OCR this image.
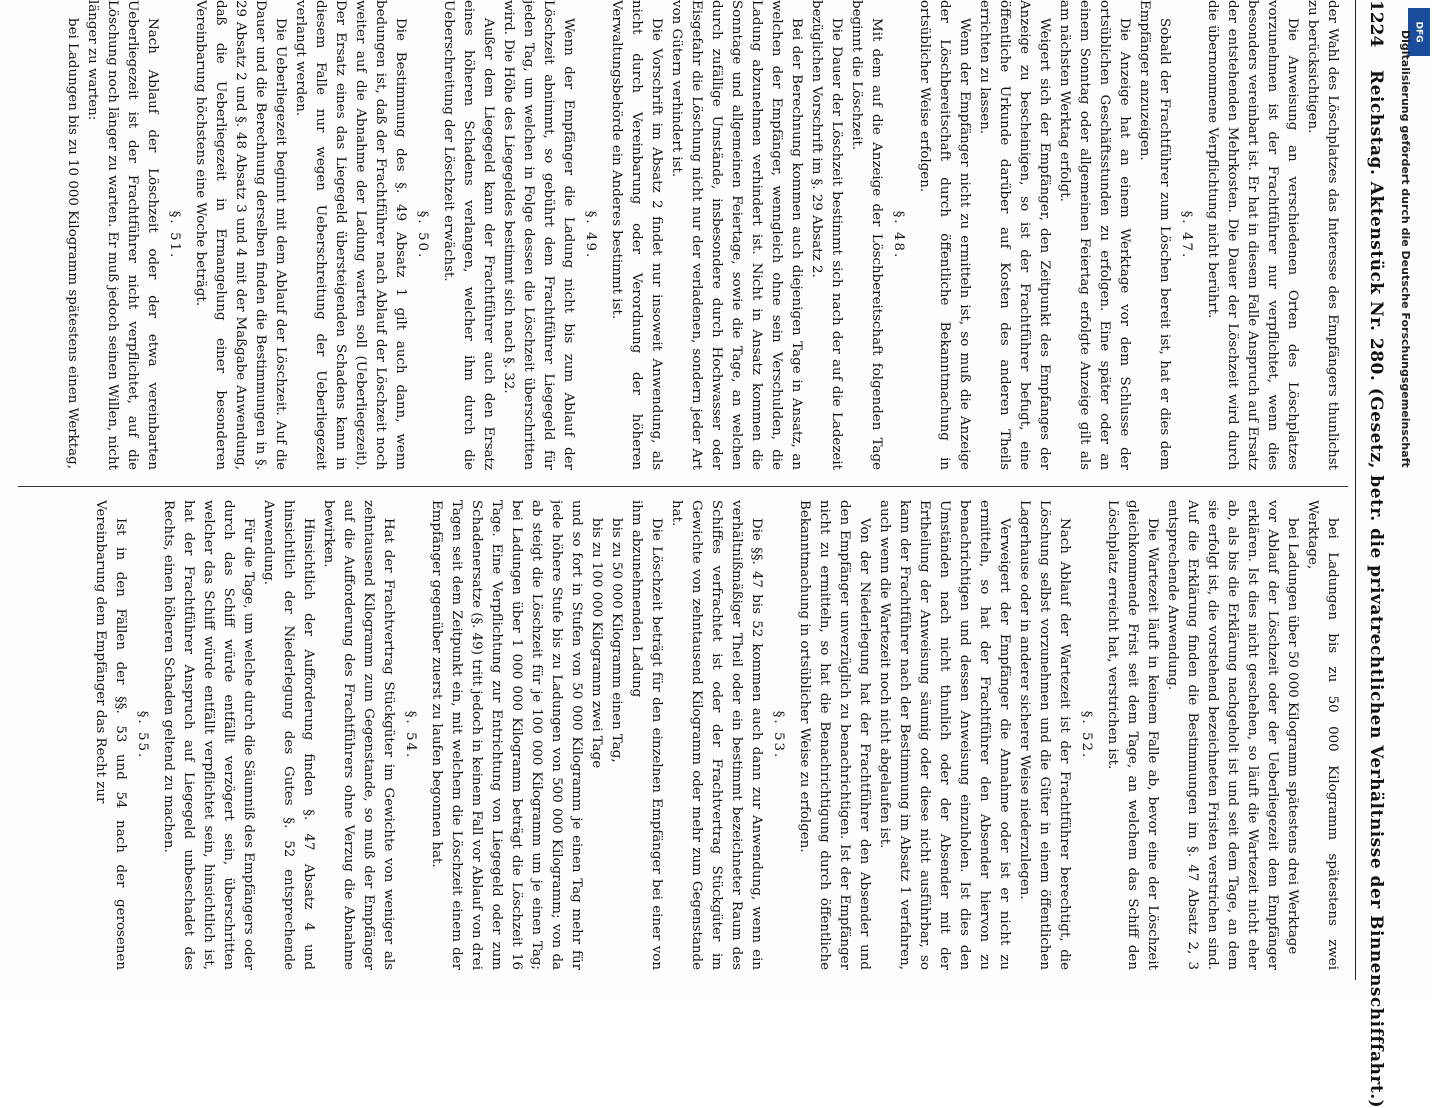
1224
Reichstag. Aktenstück Nr. 280. (Gesetz, betr. die privatrechtlichen Verhältnisse der Binnenschifffahrt.)

der Wahl des Löschplatzes das Interesse des Empfängers thunlichst zu berücksichtigen.

Die Anweisung an verschiedenen Orten des Löschplatzes vorzunehmen ist der Frachtführer nur verpflichtet, wenn dies besonders vereinbart ist. Er hat in diesem Falle Anspruch auf Ersatz der entstehenden Mehrkosten. Die Dauer der Löschzeit wird durch die übernommene Verpflichtung nicht berührt.

§. 47.

Sobald der Frachtführer zum Löschen bereit ist, hat er dies dem Empfänger anzuzeigen.

Die Anzeige hat an einem Werktage vor dem Schlusse der ortsüblichen Geschäftsstunden zu erfolgen. Eine später oder an einem Sonntag oder allgemeinen Feiertag erfolgte Anzeige gilt als am nächsten Werktag erfolgt.

Weigert sich der Empfänger, den Zeitpunkt des Empfanges der Anzeige zu bescheinigen, so ist der Frachtführer befugt, eine öffentliche Urkunde darüber auf Kosten des anderen Theils errichten zu lassen.

Wenn der Empfänger nicht zu ermitteln ist, so muß die Anzeige der Löschbereitschaft durch öffentliche Bekanntmachung in ortsüblicher Weise erfolgen.

§. 48.

Mit dem auf die Anzeige der Löschbereitschaft folgenden Tage beginnt die Löschzeit.

Die Dauer der Löschzeit bestimmt sich nach der auf die Ladezeit bezüglichen Vorschrift im §. 29 Absatz 2.

Bei der Berechnung kommen auch diejenigen Tage in Ansatz, an welchen der Empfänger, wenngleich ohne sein Verschulden, die Ladung abzunehmen verhindert ist. Nicht in Ansatz kommen die Sonntage und allgemeinen Feiertage, sowie die Tage, an welchen durch zufällige Umstände, insbesondere durch Hochwasser oder Eisgefahr die Löschung nicht nur der verladenen, sondern jeder Art von Gütern verhindert ist.

Die Vorschrift im Absatz 2 findet nur insoweit Anwendung, als nicht durch Vereinbarung oder Verordnung der höheren Verwaltungsbehörde ein Anderes bestimmt ist.

§. 49.

Wenn der Empfänger die Ladung nicht bis zum Ablauf der Löschzeit abnimmt, so gebührt dem Frachtführer Liegegeld für jeden Tag, um welchen in Folge dessen die Löschzeit überschritten wird. Die Höhe des Liegegeldes bestimmt sich nach §. 32.

Außer dem Liegegeld kann der Frachtführer auch den Ersatz eines höheren Schadens verlangen, welcher ihm durch die Ueberschreitung der Löschzeit erwächst.

§. 50.

Die Bestimmung des §. 49 Absatz 1 gilt auch dann, wenn bedungen ist, daß der Frachtführer nach Ablauf der Löschzeit noch weiter auf die Abnahme der Ladung warten soll (Ueberliegezeit). Der Ersatz eines das Liegegeld übersteigenden Schadens kann in diesem Falle nur wegen Ueberschreitung der Ueberliegezeit verlangt werden.

Die Ueberliegezeit beginnt mit dem Ablauf der Löschzeit. Auf die Dauer und die Berechnung derselben finden die Bestimmungen in §. 29 Absatz 2 und §. 48 Absatz 3 und 4 mit der Maßgabe Anwendung, daß die Ueberliegezeit in Ermangelung einer besonderen Vereinbarung höchstens eine Woche beträgt.

§. 51.

Nach Ablauf der Löschzeit oder der etwa vereinbarten Ueberliegezeit ist der Frachtführer nicht verpflichtet, auf die Löschung noch länger zu warten. Er muß jedoch seinen Willen, nicht länger zu warten:

bei Ladungen bis zu 10 000 Kilogramm spätestens einen Werktag,

bei Ladungen bis zu 50 000 Kilogramm spätestens zwei Werktage,

bei Ladungen über 50 000 Kilogramm spätestens drei Werktage

vor Ablauf der Löschzeit oder der Ueberliegezeit dem Empfänger erklären. Ist dies nicht geschehen, so läuft die Wartezeit nicht eher ab, als bis die Erklärung nachgeholt ist und seit dem Tage, an dem sie erfolgt ist, die vorstehend bezeichneten Fristen verstrichen sind. Auf die Erklärung finden die Bestimmungen im §. 47 Absatz 2, 3 entsprechende Anwendung.

Die Wartezeit läuft in keinem Falle ab, bevor eine der Löschzeit gleichkommende Frist seit dem Tage, an welchem das Schiff den Löschplatz erreicht hat, verstrichen ist.

§. 52.

Nach Ablauf der Wartezeit ist der Frachtführer berechtigt, die Löschung selbst vorzunehmen und die Güter in einem öffentlichen Lagerhause oder in anderer sicherer Weise niederzulegen.

Verweigert der Empfänger die Annahme oder ist er nicht zu ermitteln, so hat der Frachtführer den Absender hiervon zu benachrichtigen und dessen Anweisung einzuholen. Ist dies den Umständen nach nicht thunlich oder der Absender mit der Ertheilung der Anweisung säumig oder diese nicht ausführbar, so kann der Frachtführer nach der Bestimmung im Absatz 1 verfahren, auch wenn die Wartezeit noch nicht abgelaufen ist.

Von der Niederlegung hat der Frachtführer den Absender und den Empfänger unverzüglich zu benachrichtigen. Ist der Empfänger nicht zu ermitteln, so hat die Benachrichtigung durch öffentliche Bekanntmachung in ortsüblicher Weise zu erfolgen.

§. 53.

Die §§. 47 bis 52 kommen auch dann zur Anwendung, wenn ein verhältnißmäßiger Theil oder ein bestimmt bezeichneter Raum des Schiffes verfrachtet ist oder der Frachtvertrag Stückgüter im Gewichte von zehntausend Kilogramm oder mehr zum Gegenstande hat.

Die Löschzeit beträgt für den einzelnen Empfänger bei einer von ihm abzunehmenden Ladung

bis zu 50 000 Kilogramm einen Tag,

bis zu 100 000 Kilogramm zwei Tage

und so fort in Stufen von 50 000 Kilogramm je einen Tag mehr für jede höhere Stufe bis zu Ladungen von 500 000 Kilogramm; von da ab steigt die Löschzeit für je 100 000 Kilogramm um je einen Tag; bei Ladungen über 1 000 000 Kilogramm beträgt die Löschzeit 16 Tage. Eine Verpflichtung zur Entrichtung von Liegegeld oder zum Schadenersatze (§. 49) tritt jedoch in keinem Fall vor Ablauf von drei Tagen seit dem Zeitpunkt ein, mit welchem die Löschzeit einem der Empfänger gegenüber zuerst zu laufen begonnen hat.

§. 54.

Hat der Frachtvertrag Stückgüter im Gewichte von weniger als zehntausend Kilogramm zum Gegenstande, so muß der Empfänger auf die Aufforderung des Frachtführers ohne Verzug die Abnahme bewirken.

Hinsichtlich der Aufforderung finden §. 47 Absatz 4 und hinsichtlich der Niederlegung des Gutes §. 52 entsprechende Anwendung.

Für die Tage, um welche durch die Säumniß des Empfängers oder durch das Schiff würde entfällt verzögert sein, überschritten welcher das Schiff würde entfällt verpflichtet sein, hinsichtlich ist, hat der Frachtführer Anspruch auf Liegegeld unbeschadet des Rechts, einen höheren Schaden geltend zu machen.

§. 55.

Ist in den Fällen der §§. 53 und 54 nach der gerosenen Vereinbarung dem Empfänger das Recht zur

DFG
Digitalisierung gefördert durch die Deutsche Forschungsgemeinschaft
